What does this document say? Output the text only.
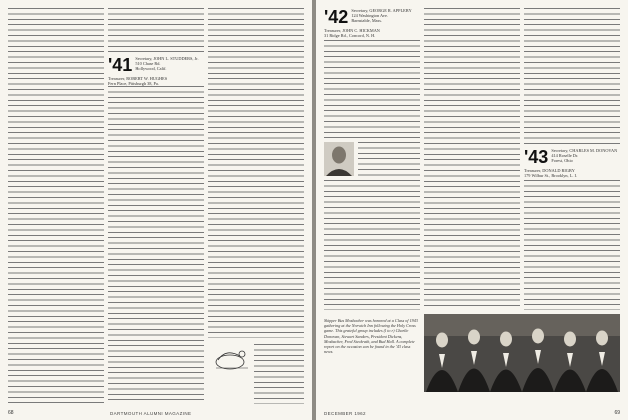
'41 Secretary, JOHN L. STUDDERS, Jr.
510 Chase Rd.
Hollywood, Calif.
Treasurer, ROBERT W. HUGHES
Fern Place, Pittsburgh 38, Pa.
68	DARTMOUTH ALUMNI MAGAZINE
'42 Secretary, GEORGE R. APPLEBY
124 Washington Ave.
Barnstable, Mass.
Treasurer, JOHN C. HICKMAN
31 Ridge Rd., Concord, N. H.
'43 Secretary, CHARLES M. DONOVAN
414 Roselle Dr.
Forest, Ohio
Treasurer, DONALD RIGBY
179 Wilbur St., Brooklyn, L. I.
Skipper Bus Mosbacher was honored at a Class of 1943 gathering at the Norwich Inn following the Holy Cross game. This grateful group includes (l to r) Charlie Donovan, Stewart Sanders, President Dickens, Mosbacher, Fred Steckrath, and Bud Hall. A complete report on the occasion can be found in the '43 class news.
DECEMBER 1962	69
